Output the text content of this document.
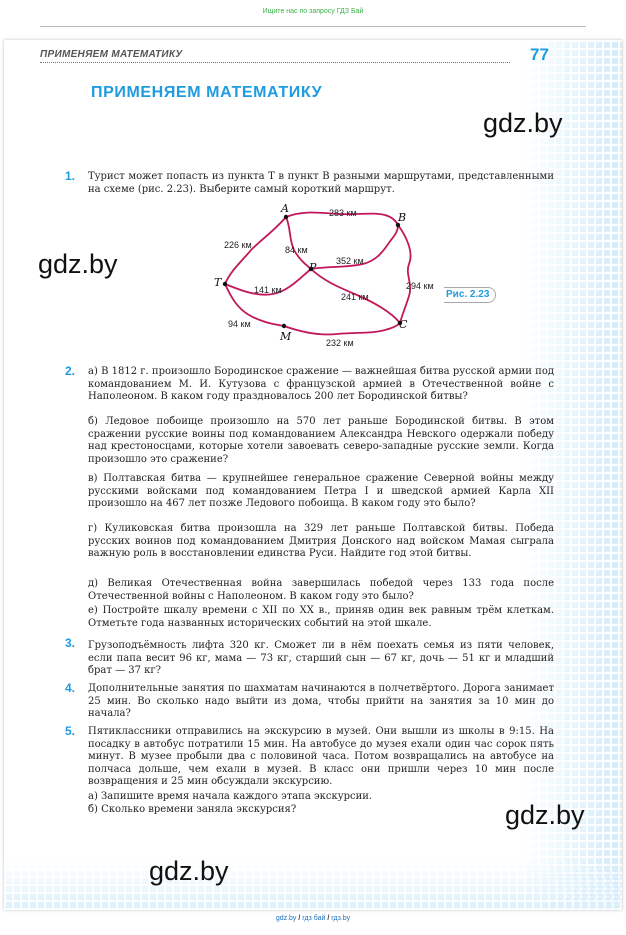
Ищите нас по запросу ГДЗ Бай
ПРИМЕНЯЕМ МАТЕМАТИКУ	77
ПРИМЕНЯЕМ МАТЕМАТИКУ
gdz.by
gdz.by
gdz.by
gdz.by
1. Турист может попасть из пункта T в пункт B разными маршрутами, представленными на схеме (рис. 2.23). Выберите самый короткий маршрут.
A
B
P
T
M
C
283 км
226 км	84 км
352 км
141 км
241 км
294 км
94 км
232 км
Рис. 2.23
2. а) В 1812 г. произошло Бородинское сражение — важнейшая битва русской армии под командованием М. И. Кутузова с французской армией в Отечественной войне с Наполеоном. В каком году праздновалось 200 лет Бородинской битвы?
б) Ледовое побоище произошло на 570 лет раньше Бородинской битвы. В этом сражении русские воины под командованием Александра Невского одержали победу над крестоносцами, которые хотели завоевать северо-западные русские земли. Когда произошло это сражение?
в) Полтавская битва — крупнейшее генеральное сражение Северной войны между русскими войсками под командованием Петра I и шведской армией Карла XII произошло на 467 лет позже Ледового побоища. В каком году это было?
г) Куликовская битва произошла на 329 лет раньше Полтавской битвы. Победа русских воинов под командованием Дмитрия Донского над войском Мамая сыграла важную роль в восстановлении единства Руси. Найдите год этой битвы.
д) Великая Отечественная война завершилась победой через 133 года после Отечественной войны с Наполеоном. В каком году это было?
е) Постройте шкалу времени с XII по XX в., приняв один век равным трём клеткам. Отметьте года названных исторических событий на этой шкале.
3. Грузоподъёмность лифта 320 кг. Сможет ли в нём поехать семья из пяти человек, если папа весит 96 кг, мама — 73 кг, старший сын — 67 кг, дочь — 51 кг и младший брат — 37 кг?
4. Дополнительные занятия по шахматам начинаются в полчетвёртого. Дорога занимает 25 мин. Во сколько надо выйти из дома, чтобы прийти на занятия за 10 мин до начала?
5. Пятиклассники отправились на экскурсию в музей. Они вышли из школы в 9:15. На посадку в автобус потратили 15 мин. На автобусе до музея ехали один час сорок пять минут. В музее пробыли два с половиной часа. Потом возвращались на автобусе на полчаса дольше, чем ехали в музей. В класс они пришли через 10 мин после возвращения и 25 мин обсуждали экскурсию.
а) Запишите время начала каждого этапа экскурсии.
б) Сколько времени заняла экскурсия?
gdz.by / гдз бай / гдз.by
